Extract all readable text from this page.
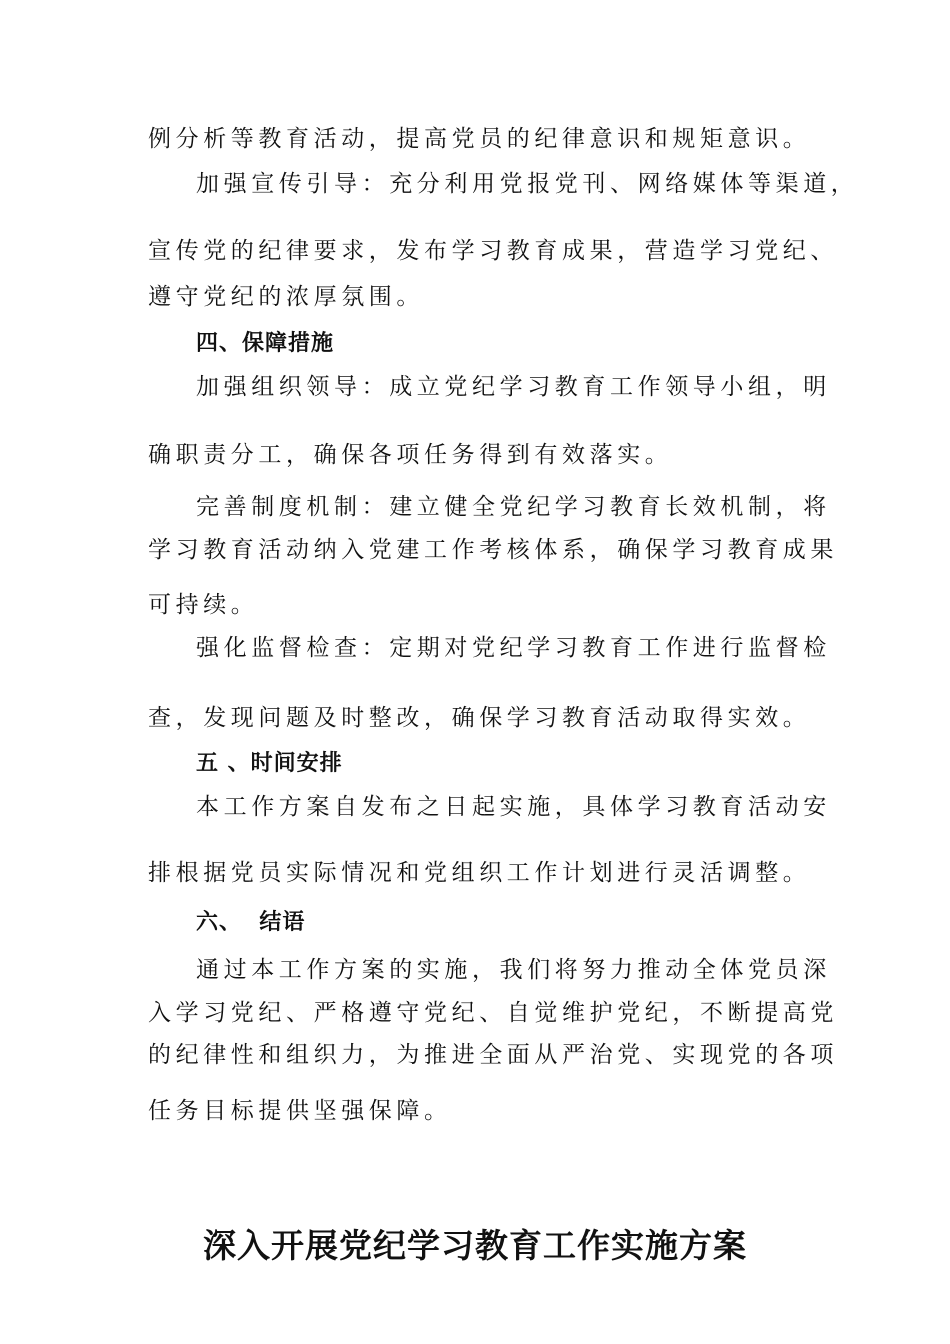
例分析等教育活动，提高党员的纪律意识和规矩意识。
加强宣传引导：充分利用党报党刊、网络媒体等渠道，
宣传党的纪律要求，发布学习教育成果，营造学习党纪、
遵守党纪的浓厚氛围。
四、保障措施
加强组织领导：成立党纪学习教育工作领导小组，明
确职责分工，确保各项任务得到有效落实。
完善制度机制：建立健全党纪学习教育长效机制，将
学习教育活动纳入党建工作考核体系，确保学习教育成果
可持续。
强化监督检查：定期对党纪学习教育工作进行监督检
查，发现问题及时整改，确保学习教育活动取得实效。
五 、时间安排
本工作方案自发布之日起实施，具体学习教育活动安
排根据党员实际情况和党组织工作计划进行灵活调整。
六、  结语
通过本工作方案的实施，我们将努力推动全体党员深
入学习党纪、严格遵守党纪、自觉维护党纪，不断提高党
的纪律性和组织力，为推进全面从严治党、实现党的各项
任务目标提供坚强保障。
深入开展党纪学习教育工作实施方案
